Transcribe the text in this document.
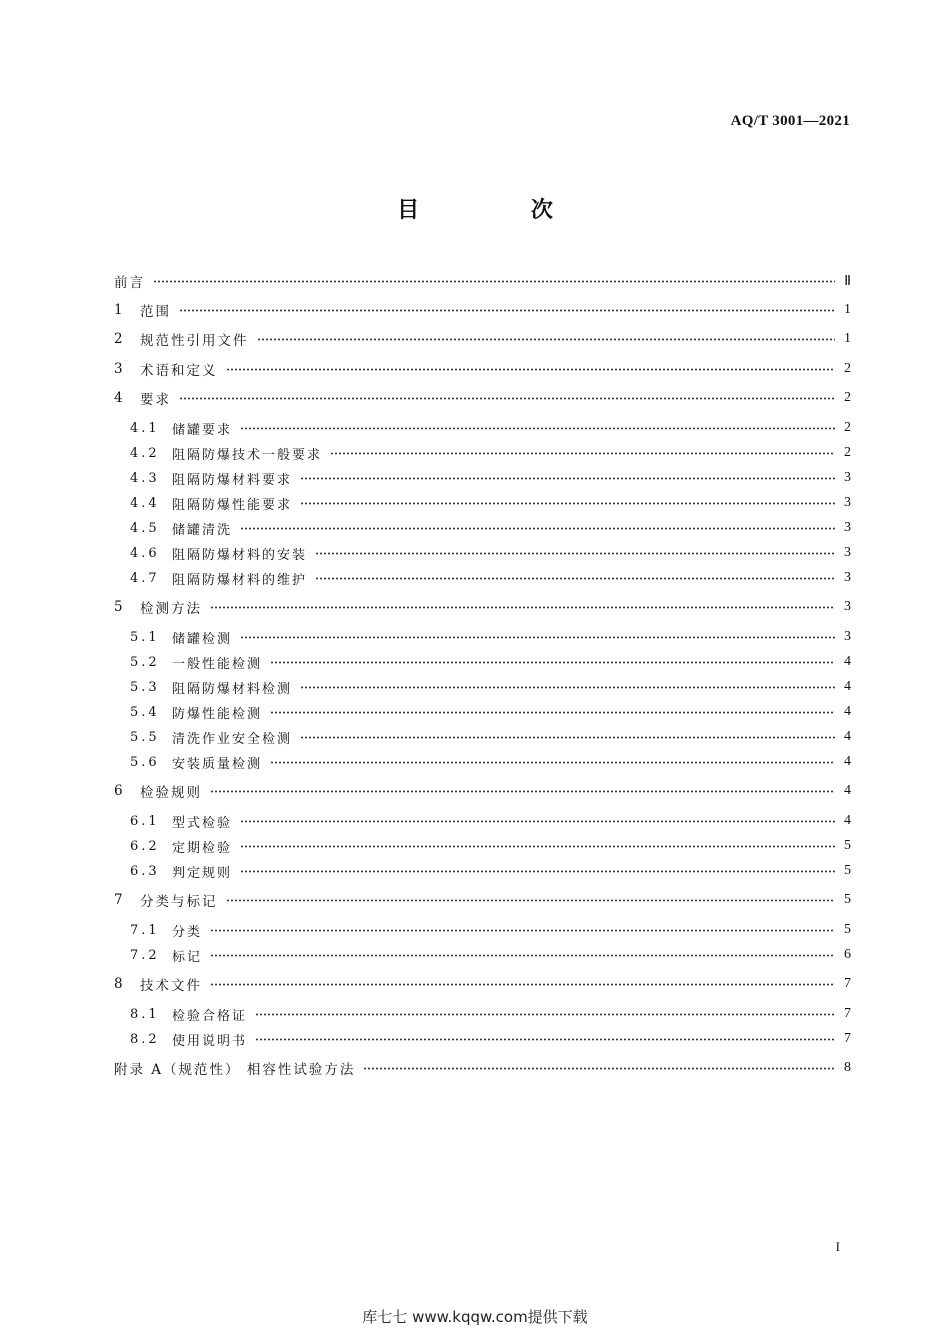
AQ/T 3001—2021
目 次
前言	Ⅱ
1	范围	1
2	规范性引用文件	1
3	术语和定义	2
4	要求	2
4.1 储罐要求	2
4.2 阻隔防爆技术一般要求	2
4.3 阻隔防爆材料要求	3
4.4 阻隔防爆性能要求	3
4.5 储罐清洗	3
4.6 阻隔防爆材料的安装	3
4.7 阻隔防爆材料的维护	3
5	检测方法	3
5.1 储罐检测	3
5.2 一般性能检测	4
5.3 阻隔防爆材料检测	4
5.4 防爆性能检测	4
5.5 清洗作业安全检测	4
5.6 安装质量检测	4
6	检验规则	4
6.1 型式检验	4
6.2 定期检验	5
6.3 判定规则	5
7	分类与标记	5
7.1 分类	5
7.2 标记	6
8	技术文件	7
8.1 检验合格证	7
8.2 使用说明书	7
附录 A（规范性） 相容性试验方法	8
I
库七七 www.kqqw.com提供下载
